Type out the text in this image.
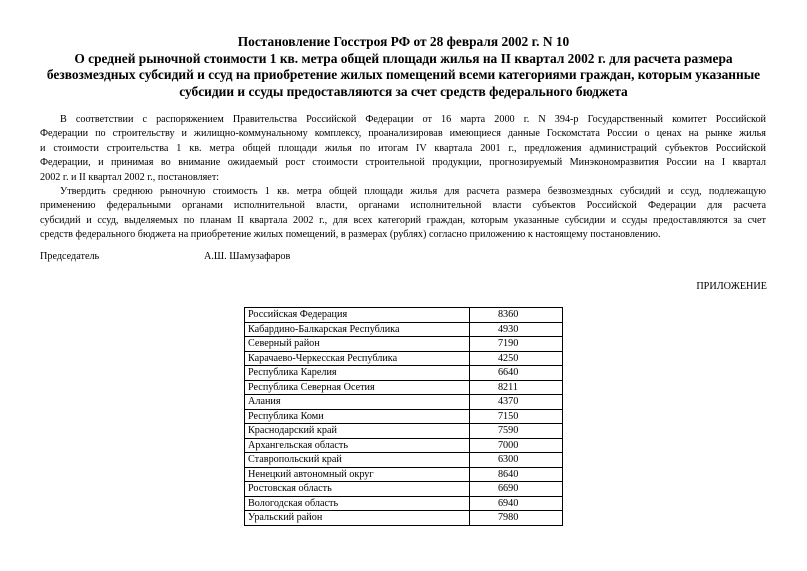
Постановление Госстроя РФ от 28 февраля 2002 г. N 10
О средней рыночной стоимости 1 кв. метра общей площади жилья на II квартал 2002 г. для расчета размера
безвозмездных субсидий и ссуд на приобретение жилых помещений всеми категориями граждан, которым указанные
субсидии и ссуды предоставляются за счет средств федерального бюджета
В соответствии с распоряжением Правительства Российской Федерации от 16 марта 2000 г. N 394-р Государственный комитет Российской
Федерации по строительству и жилищно-коммунальному комплексу, проанализировав имеющиеся данные Госкомстата России о ценах на рынке жилья
и стоимости строительства 1 кв. метра общей площади жилья по итогам IV квартала 2001 г., предложения администраций субъектов Российской
Федерации, и принимая во внимание ожидаемый рост стоимости строительной продукции, прогнозируемый Минэкономразвития России на I квартал
2002 г. и II квартал 2002 г., постановляет:
Утвердить среднюю рыночную стоимость 1 кв. метра общей площади жилья для расчета размера безвозмездных субсидий и ссуд, подлежащую
применению федеральными органами исполнительной власти, органами исполнительной власти субъектов Российской Федерации для расчета
субсидий и ссуд, выделяемых по планам II квартала 2002 г., для всех категорий граждан, которым указанные субсидии и ссуды предоставляются за счет
средств федерального бюджета на приобретение жилых помещений, в размерах (рублях) согласно приложению к настоящему постановлению.
Председатель	А.Ш. Шамузафаров
ПРИЛОЖЕНИЕ
Российская Федерация	8360
Кабардино-Балкарская Республика	4930
Северный район	7190
Карачаево-Черкесская Республика	4250
Республика Карелия	6640
Республика Северная Осетия	8211
Алания	4370
Республика Коми	7150
Краснодарский край	7590
Архангельская область	7000
Ставропольский край	6300
Ненецкий автономный округ	8640
Ростовская область	6690
Вологодская область	6940
Уральский район	7980
